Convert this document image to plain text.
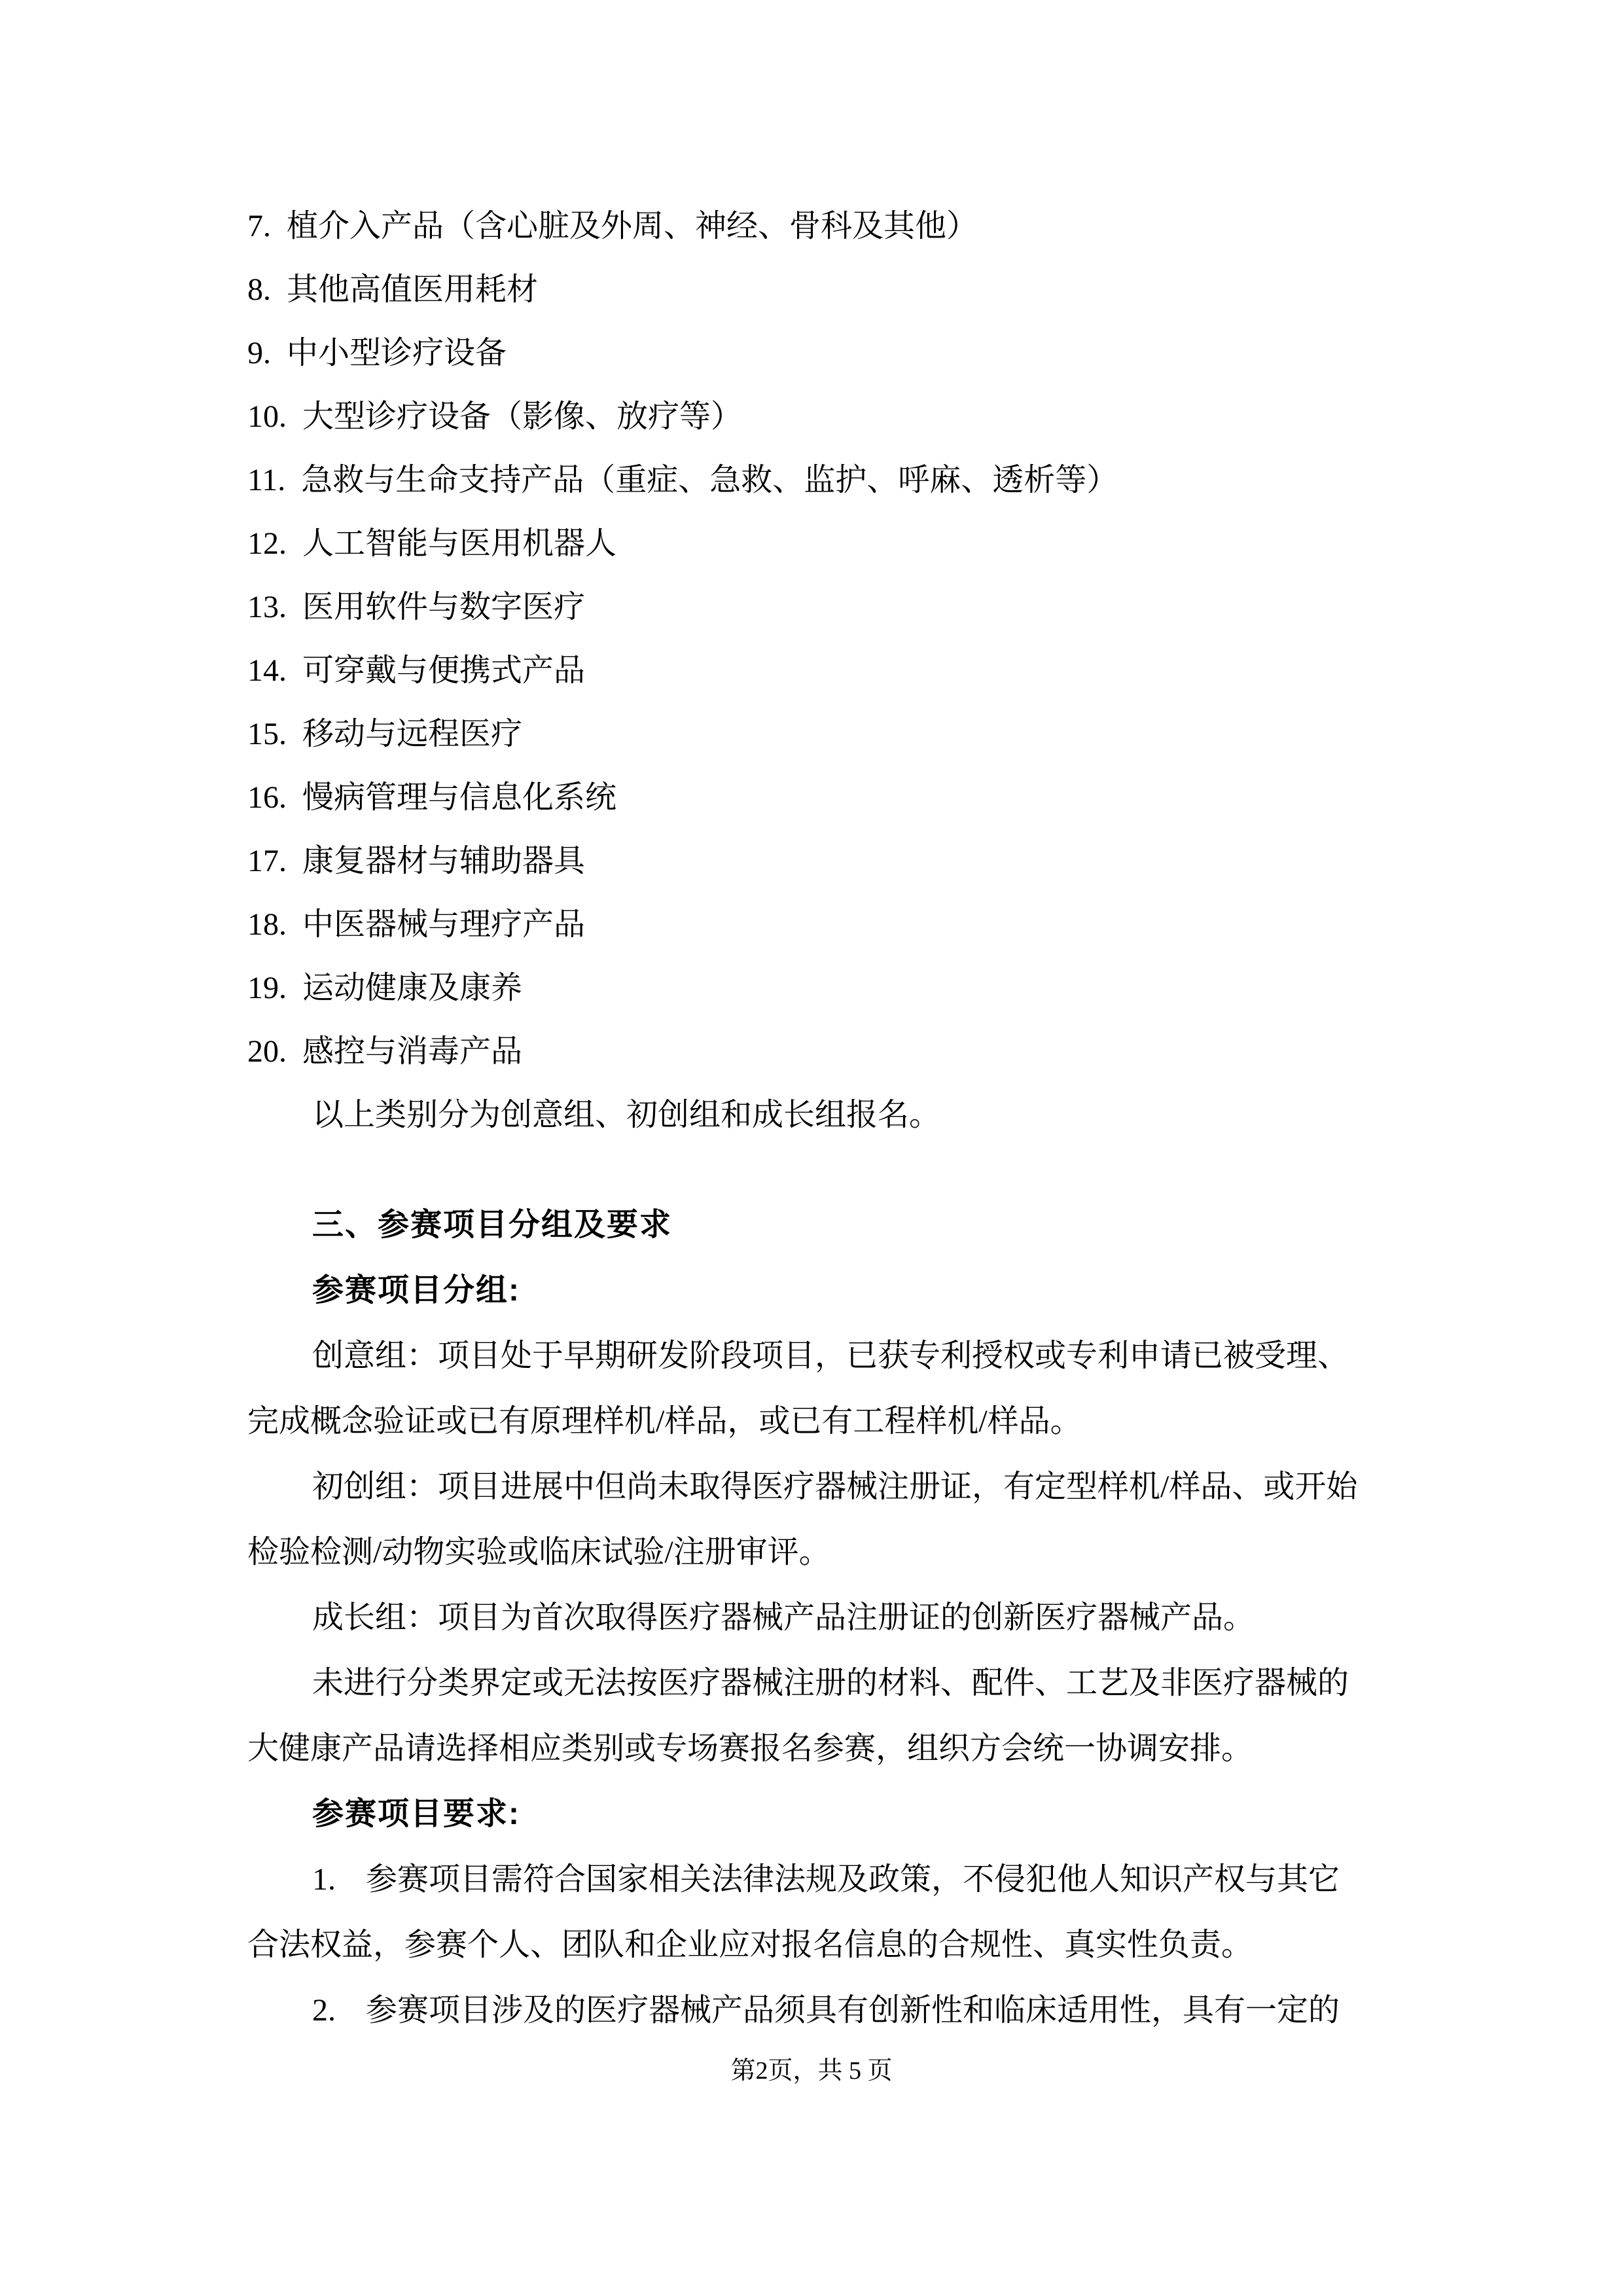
7. 植介入产品（含心脏及外周、神经、骨科及其他）
8. 其他高值医用耗材
9. 中小型诊疗设备
10. 大型诊疗设备（影像、放疗等）
11. 急救与生命支持产品（重症、急救、监护、呼麻、透析等）
12. 人工智能与医用机器人
13. 医用软件与数字医疗
14. 可穿戴与便携式产品
15. 移动与远程医疗
16. 慢病管理与信息化系统
17. 康复器材与辅助器具
18. 中医器械与理疗产品
19. 运动健康及康养
20. 感控与消毒产品
以上类别分为创意组、初创组和成长组报名。
三、参赛项目分组及要求
参赛项目分组:
创意组：项目处于早期研发阶段项目，已获专利授权或专利申请已被受理、
完成概念验证或已有原理样机/样品，或已有工程样机/样品。
初创组：项目进展中但尚未取得医疗器械注册证，有定型样机/样品、或开始
检验检测/动物实验或临床试验/注册审评。
成长组：项目为首次取得医疗器械产品注册证的创新医疗器械产品。
未进行分类界定或无法按医疗器械注册的材料、配件、工艺及非医疗器械的
大健康产品请选择相应类别或专场赛报名参赛，组织方会统一协调安排。
参赛项目要求:
1. 参赛项目需符合国家相关法律法规及政策，不侵犯他人知识产权与其它
合法权益，参赛个人、团队和企业应对报名信息的合规性、真实性负责。
2. 参赛项目涉及的医疗器械产品须具有创新性和临床适用性，具有一定的
第2页，共 5 页
